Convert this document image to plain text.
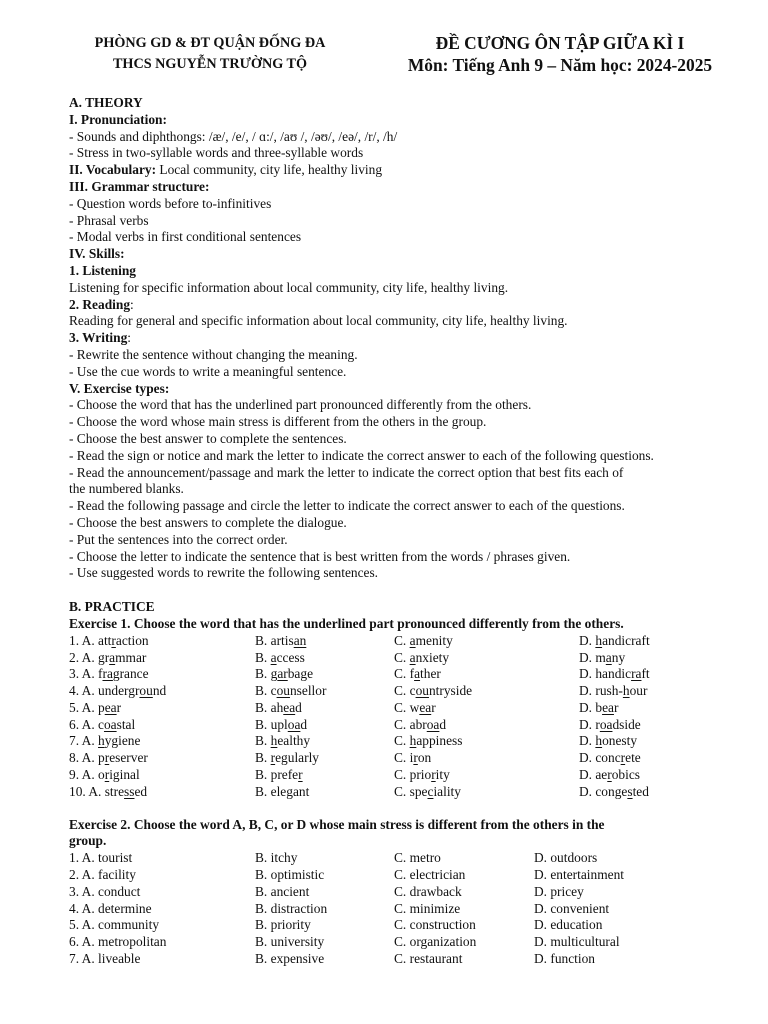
PHÒNG GD & ĐT QUẬN ĐỐNG ĐA
THCS NGUYỄN TRƯỜNG TỘ
ĐỀ CƯƠNG ÔN TẬP GIỮA KÌ I
Môn: Tiếng Anh 9 – Năm học: 2024-2025
A. THEORY
I. Pronunciation:
- Sounds and diphthongs: /æ/, /e/, / ɑ:/, /aʊ /, /əʊ/, /eə/, /r/, /h/
- Stress in two-syllable words and three-syllable words
II. Vocabulary: Local community, city life, healthy living
III. Grammar structure:
- Question words before to-infinitives
- Phrasal verbs
- Modal verbs in first conditional sentences
IV. Skills:
1. Listening
Listening for specific information about local community, city life, healthy living.
2. Reading:
Reading for general and specific information about local community, city life, healthy living.
3. Writing:
- Rewrite the sentence without changing the meaning.
- Use the cue words to write a meaningful sentence.
V. Exercise types:
- Choose the word that has the underlined part pronounced differently from the others.
- Choose the word whose main stress is different from the others in the group.
- Choose the best answer to complete the sentences.
- Read the sign or notice and mark the letter to indicate the correct answer to each of the following questions.
- Read the announcement/passage and mark the letter to indicate the correct option that best fits each of
the numbered blanks.
- Read the following passage and circle the letter to indicate the correct answer to each of the questions.
- Choose the best answers to complete the dialogue.
- Put the sentences into the correct order.
- Choose the letter to indicate the sentence that is best written from the words / phrases given.
- Use suggested words to rewrite the following sentences.
B. PRACTICE
Exercise 1. Choose the word that has the underlined part pronounced differently from the others.
1. A. attraction	B. artisan	C. amenity	D. handicraft
2. A. grammar	B. access	C. anxiety	D. many
3. A. fragrance	B. garbage	C. father	D. handicraft
4. A. underground	B. counsellor	C. countryside	D. rush-hour
5. A. pear	B. ahead	C. wear	D. bear
6. A. coastal	B. upload	C. abroad	D. roadside
7. A. hygiene	B. healthy	C. happiness	D. honesty
8. A. preserver	B. regularly	C. iron	D. concrete
9. A. original	B. prefer	C. priority	D. aerobics
10. A. stressed	B. elegant	C. speciality	D. congested
Exercise 2. Choose the word A, B, C, or D whose main stress is different from the others in the
group.
1. A. tourist	B. itchy	C. metro	D. outdoors
2. A. facility	B. optimistic	C. electrician	D. entertainment
3. A. conduct	B. ancient	C. drawback	D. pricey
4. A. determine	B. distraction	C. minimize	D. convenient
5. A. community	B. priority	C. construction	D. education
6. A. metropolitan	B. university	C. organization	D. multicultural
7. A. liveable	B. expensive	C. restaurant	D. function
